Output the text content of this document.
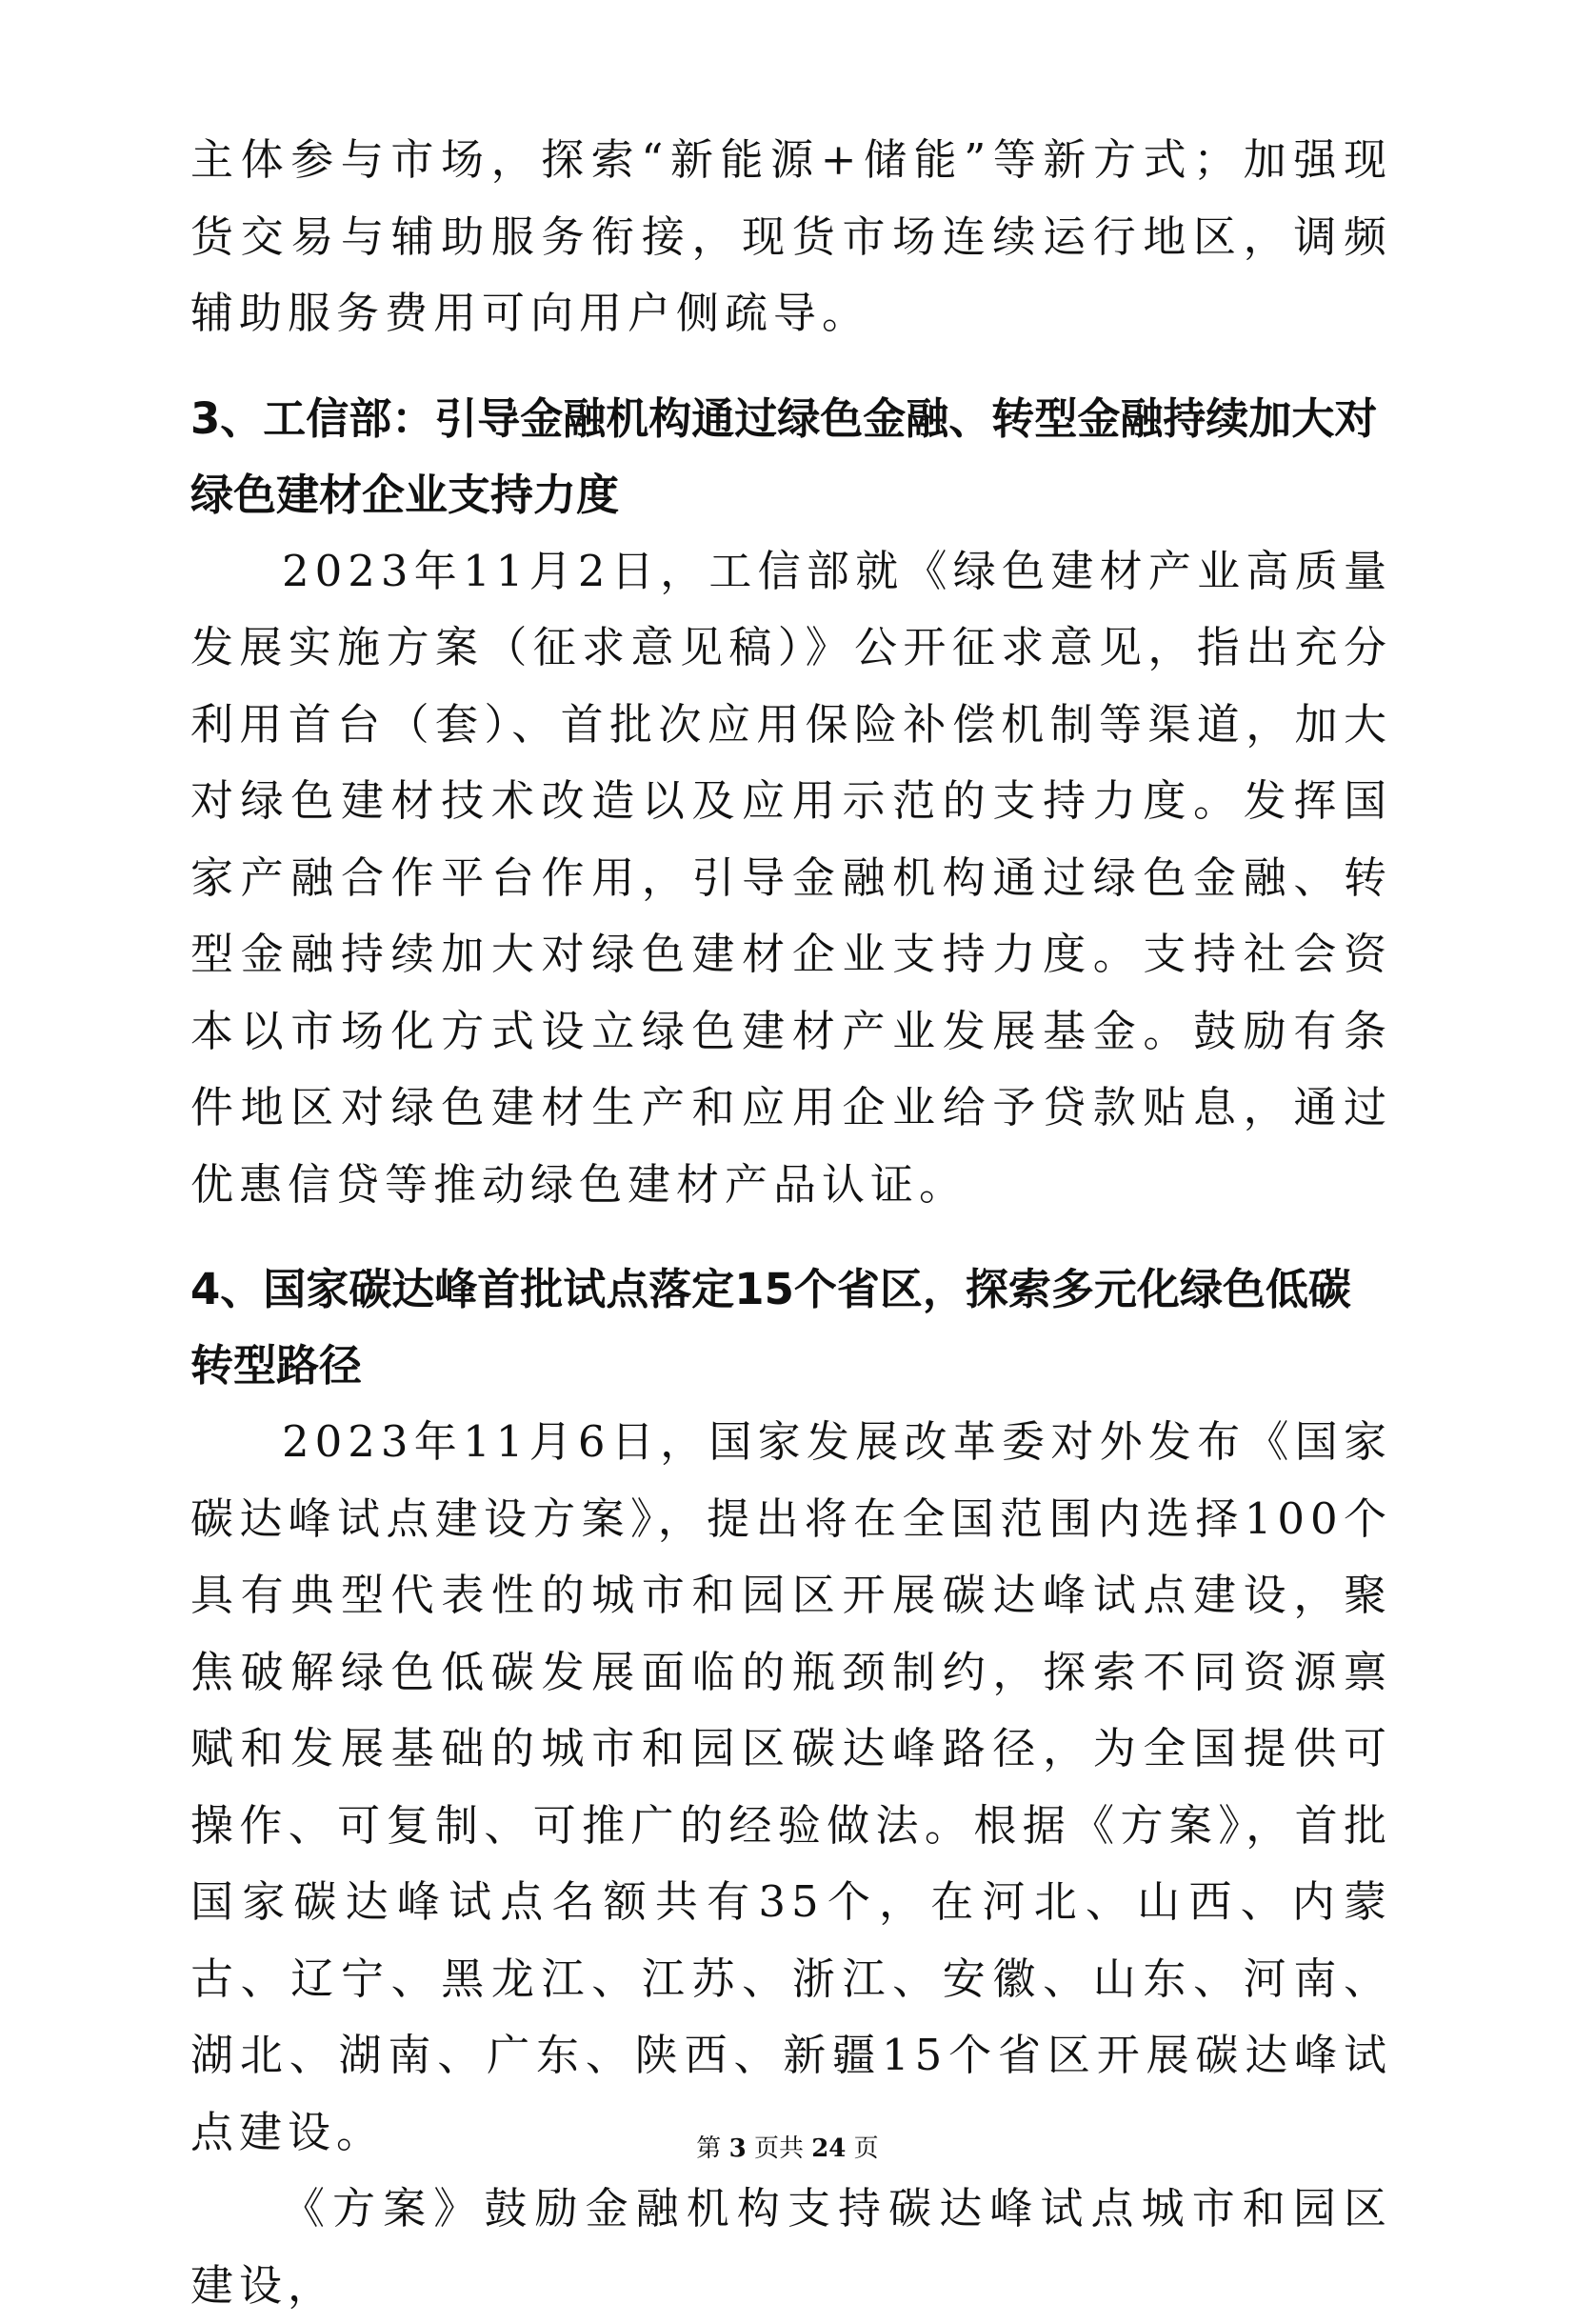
主体参与市场，探索“新能源+储能”等新方式；加强现货交易与辅助服务衔接，现货市场连续运行地区，调频辅助服务费用可向用户侧疏导。

3、工信部：引导金融机构通过绿色金融、转型金融持续加大对绿色建材企业支持力度

2023年11月2日，工信部就《绿色建材产业高质量发展实施方案（征求意见稿）》公开征求意见，指出充分利用首台（套）、首批次应用保险补偿机制等渠道，加大对绿色建材技术改造以及应用示范的支持力度。发挥国家产融合作平台作用，引导金融机构通过绿色金融、转型金融持续加大对绿色建材企业支持力度。支持社会资本以市场化方式设立绿色建材产业发展基金。鼓励有条件地区对绿色建材生产和应用企业给予贷款贴息，通过优惠信贷等推动绿色建材产品认证。

4、国家碳达峰首批试点落定15个省区，探索多元化绿色低碳转型路径

2023年11月6日，国家发展改革委对外发布《国家碳达峰试点建设方案》，提出将在全国范围内选择100个具有典型代表性的城市和园区开展碳达峰试点建设，聚焦破解绿色低碳发展面临的瓶颈制约，探索不同资源禀赋和发展基础的城市和园区碳达峰路径，为全国提供可操作、可复制、可推广的经验做法。根据《方案》，首批国家碳达峰试点名额共有35个，在河北、山西、内蒙古、辽宁、黑龙江、江苏、浙江、安徽、山东、河南、湖北、湖南、广东、陕西、新疆15个省区开展碳达峰试点建设。

《方案》鼓励金融机构支持碳达峰试点城市和园区建设，

第 3 页共 24 页
